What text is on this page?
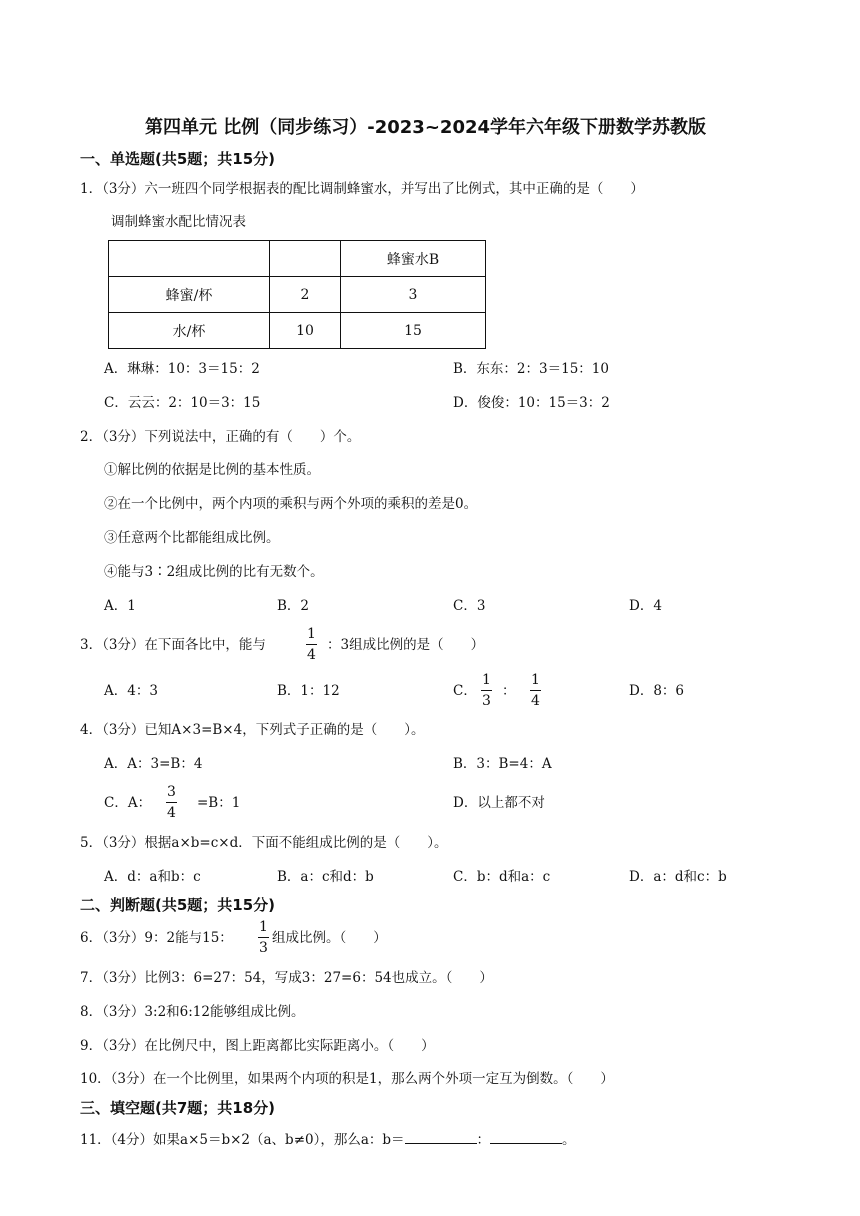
第四单元 比例（同步练习）-2023~2024学年六年级下册数学苏教版
一、单选题(共5题；共15分)
1．（3分）六一班四个同学根据表的配比调制蜂蜜水，并写出了比例式，其中正确的是（　　）
调制蜂蜜水配比情况表
		蜂蜜水B
蜂蜜/杯	2	3
水/杯	10	15
A．琳琳：10：3＝15：2	B．东东：2：3＝15：10
C．云云：2：10＝3：15	D．俊俊：10：15＝3：2
2．（3分）下列说法中，正确的有（　　）个。
①解比例的依据是比例的基本性质。
②在一个比例中，两个内项的乘积与两个外项的乘积的差是0。
③任意两个比都能组成比例。
④能与3∶2组成比例的比有无数个。
A．1	B．2	C．3	D．4
3．（3分）在下面各比中，能与
1
4
：3组成比例的是（　　）
A．4：3	B．1：12	C．
1
3
：
1
4
D．8：6
4．（3分）已知A×3=B×4，下列式子正确的是（　　）。
A．A：3=B：4	B．3：B=4：A
C．A：
3
4
=B：1	D．以上都不对
5．（3分）根据a×b=c×d．下面不能组成比例的是（　　）。
A．d：a和b：c	B．a：c和d：b	C．b：d和a：c	D．a：d和c：b
二、判断题(共5题；共15分)
6．（3分）9：2能与15：
1
3
组成比例。（　　）
7．（3分）比例3：6=27：54，写成3：27=6：54也成立。（　　）
8．（3分）3:2和6:12能够组成比例。
9．（3分）在比例尺中，图上距离都比实际距离小。（　　）
10．（3分）在一个比例里，如果两个内项的积是1，那么两个外项一定互为倒数。（　　）
三、填空题(共7题；共18分)
11．（4分）如果a×5＝b×2（a、b≠0），那么a：b＝	：	。
